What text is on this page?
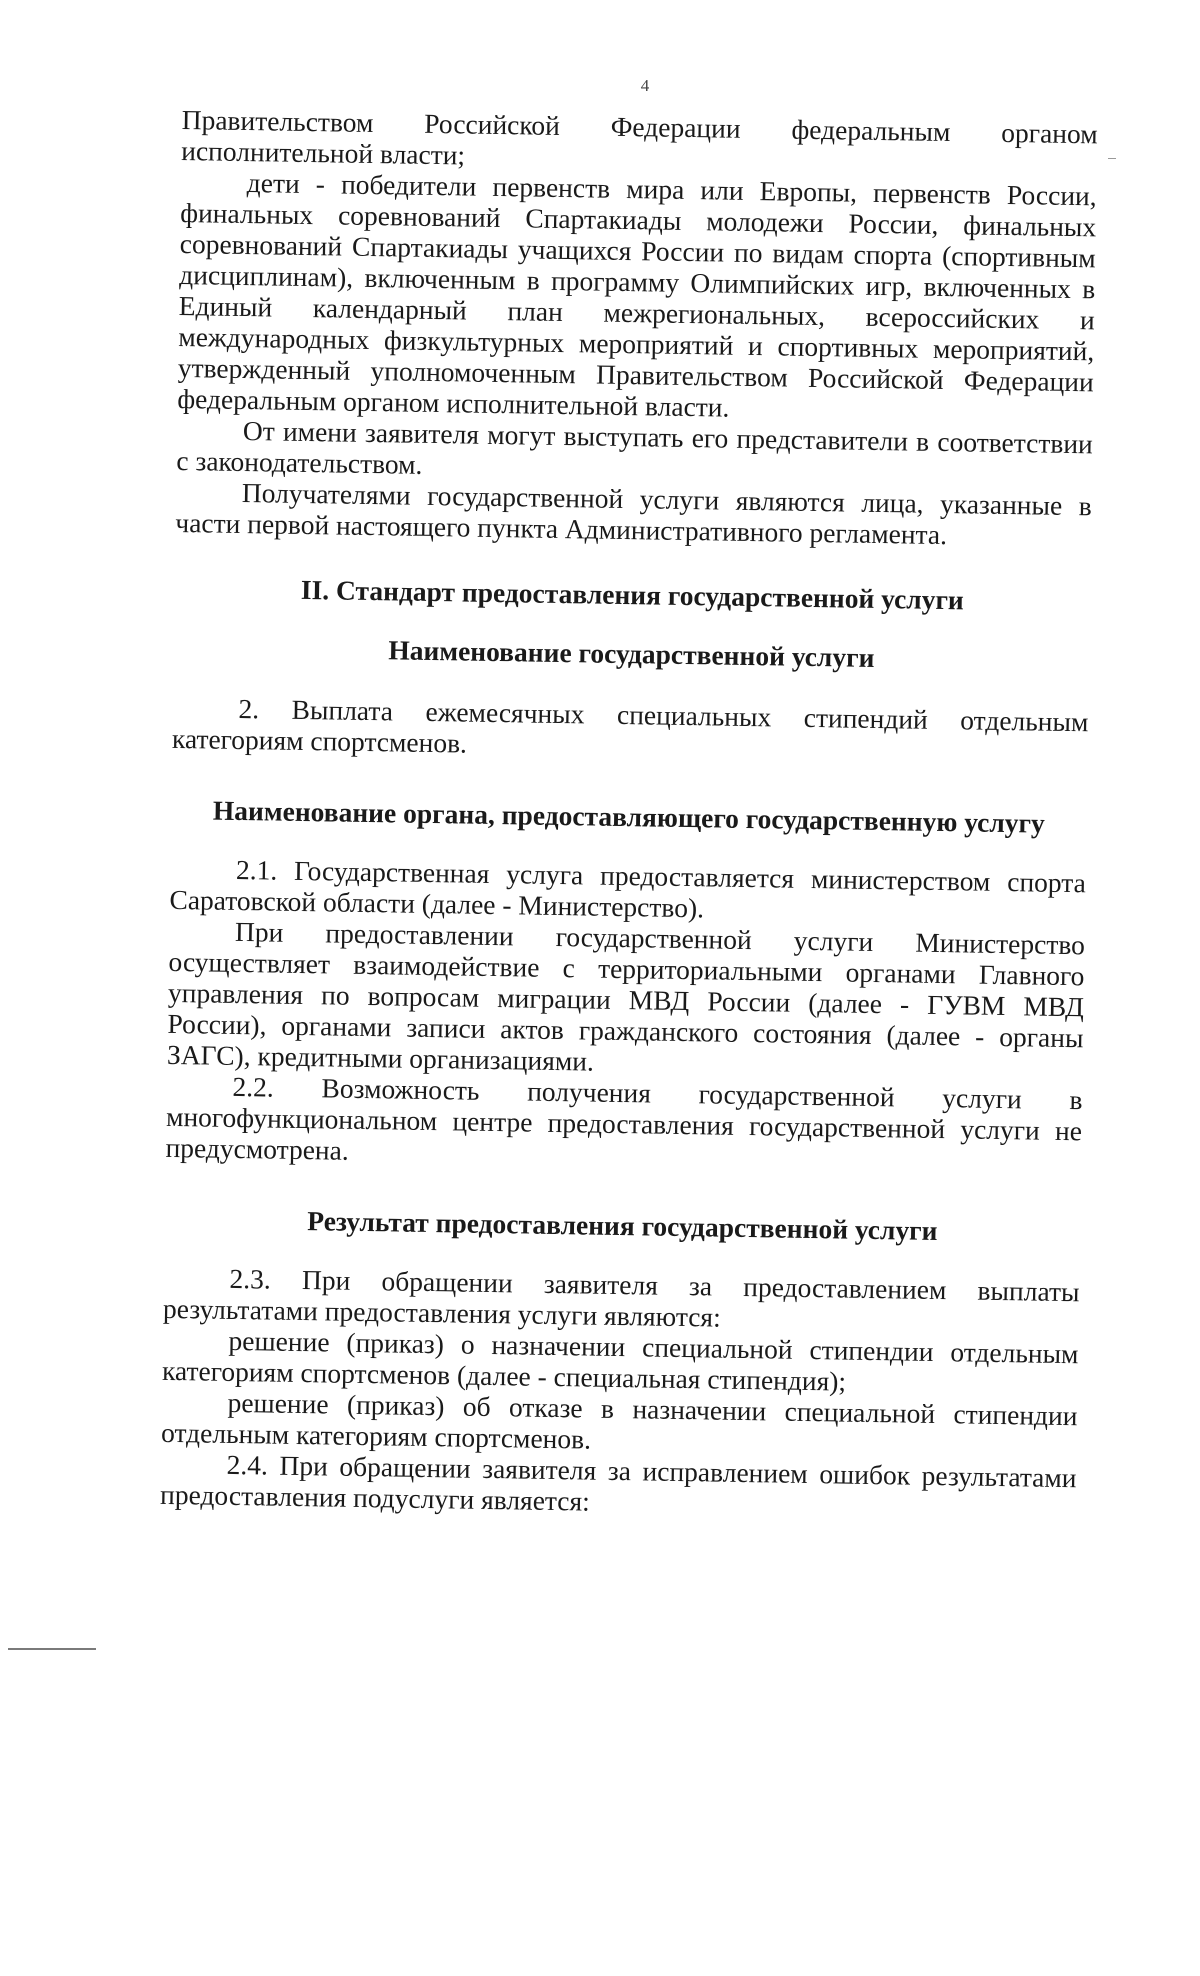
4

Правительством Российской Федерации федеральным органом исполнительной власти;

дети - победители первенств мира или Европы, первенств России, финальных соревнований Спартакиады молодежи России, финальных соревнований Спартакиады учащихся России по видам спорта (спортивным дисциплинам), включенным в программу Олимпийских игр, включенных в Единый календарный план межрегиональных, всероссийских и международных физкультурных мероприятий и спортивных мероприятий, утвержденный уполномоченным Правительством Российской Федерации федеральным органом исполнительной власти.

От имени заявителя могут выступать его представители в соответствии с законодательством.

Получателями государственной услуги являются лица, указанные в части первой настоящего пункта Административного регламента.

II. Стандарт предоставления государственной услуги
Наименование государственной услуги

2. Выплата ежемесячных специальных стипендий отдельным категориям спортсменов.

Наименование органа, предоставляющего государственную услугу

2.1. Государственная услуга предоставляется министерством спорта Саратовской области (далее - Министерство).

При предоставлении государственной услуги Министерство осуществляет взаимодействие с территориальными органами Главного управления по вопросам миграции МВД России (далее - ГУВМ МВД России), органами записи актов гражданского состояния (далее - органы ЗАГС), кредитными организациями.

2.2. Возможность получения государственной услуги в многофункциональном центре предоставления государственной услуги не предусмотрена.

Результат предоставления государственной услуги

2.3. При обращении заявителя за предоставлением выплаты результатами предоставления услуги являются:

решение (приказ) о назначении специальной стипендии отдельным категориям спортсменов (далее - специальная стипендия);

решение (приказ) об отказе в назначении специальной стипендии отдельным категориям спортсменов.

2.4. При обращении заявителя за исправлением ошибок результатами предоставления подуслуги является:
